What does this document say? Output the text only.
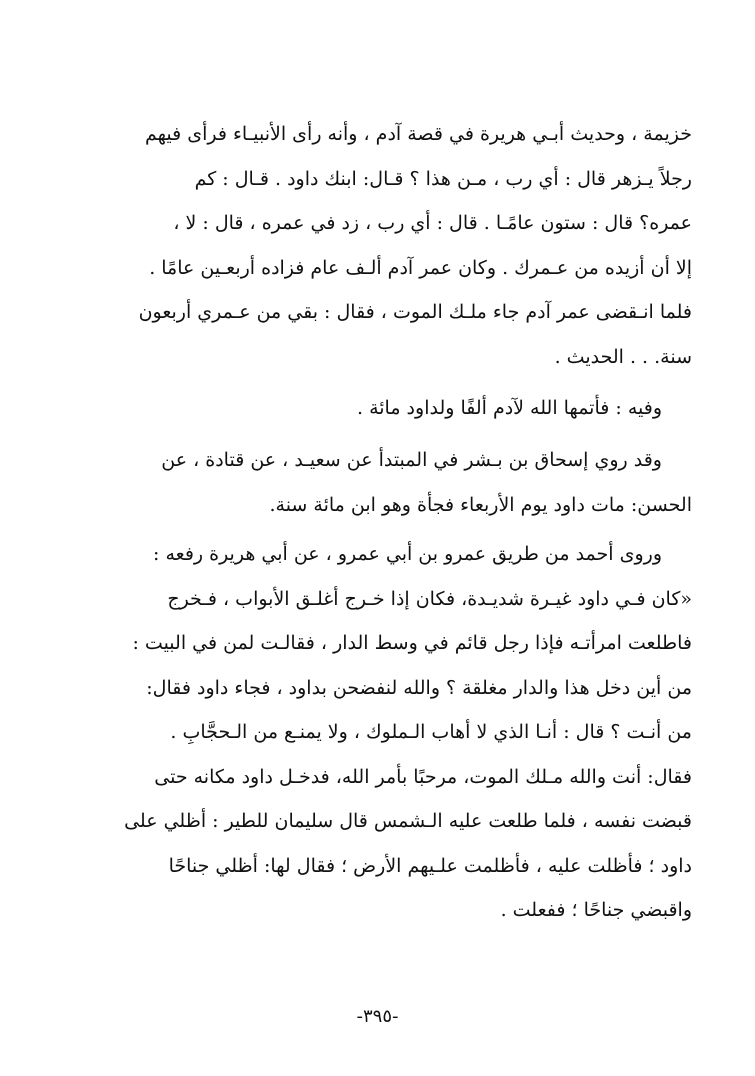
خزيمة ، وحديث أبـي هريرة في قصة آدم ، وأنه رأى الأنبيـاء فرأى فيهم
رجلاً يـزهر قال : أي رب ، مـن هذا ؟ قـال: ابنك داود . قـال : كم
عمره؟ قال : ستون عامًـا . قال : أي رب ، زد في عمره ، قال : لا ،
إلا أن أزيده من عـمرك . وكان عمر آدم ألـف عام فزاده أربعـين عامًا .
فلما انـقضى عمر آدم جاء ملـك الموت ، فقال : بقي من عـمري أربعون
سنة. . . الحديث .
وفيه : فأتمها الله لآدم ألفًا ولداود مائة .
وقد روي إسحاق بن بـشر في المبتدأ عن سعيـد ، عن قتادة ، عن
الحسن: مات داود يوم الأربعاء فجأة وهو ابن مائة سنة.
وروى أحمد من طريق عمرو بن أبي عمرو ، عن أبي هريرة رفعه :
«كان فـي داود غيـرة شديـدة، فكان إذا خـرج أغلـق الأبواب ، فـخرج
فاطلعت امرأتـه فإذا رجل قائم في وسط الدار ، فقالـت لمن في البيت :
من أين دخل هذا والدار مغلقة ؟ والله لنفضحن بداود ، فجاء داود فقال:
من أنـت ؟ قال : أنـا الذي لا أهاب الـملوك ، ولا يمنـع من الـحجَّابِ .
فقال: أنت والله مـلك الموت، مرحبًا بأمر الله، فدخـل داود مكانه حتى
قبضت نفسه ، فلما طلعت عليه الـشمس قال سليمان للطير : أظلي على
داود ؛ فأظلت عليه ، فأظلمت علـيهم الأرض ؛ فقال لها: أظلي جناحًا
واقبضي جناحًا ؛ ففعلت .
-٣٩٥-
